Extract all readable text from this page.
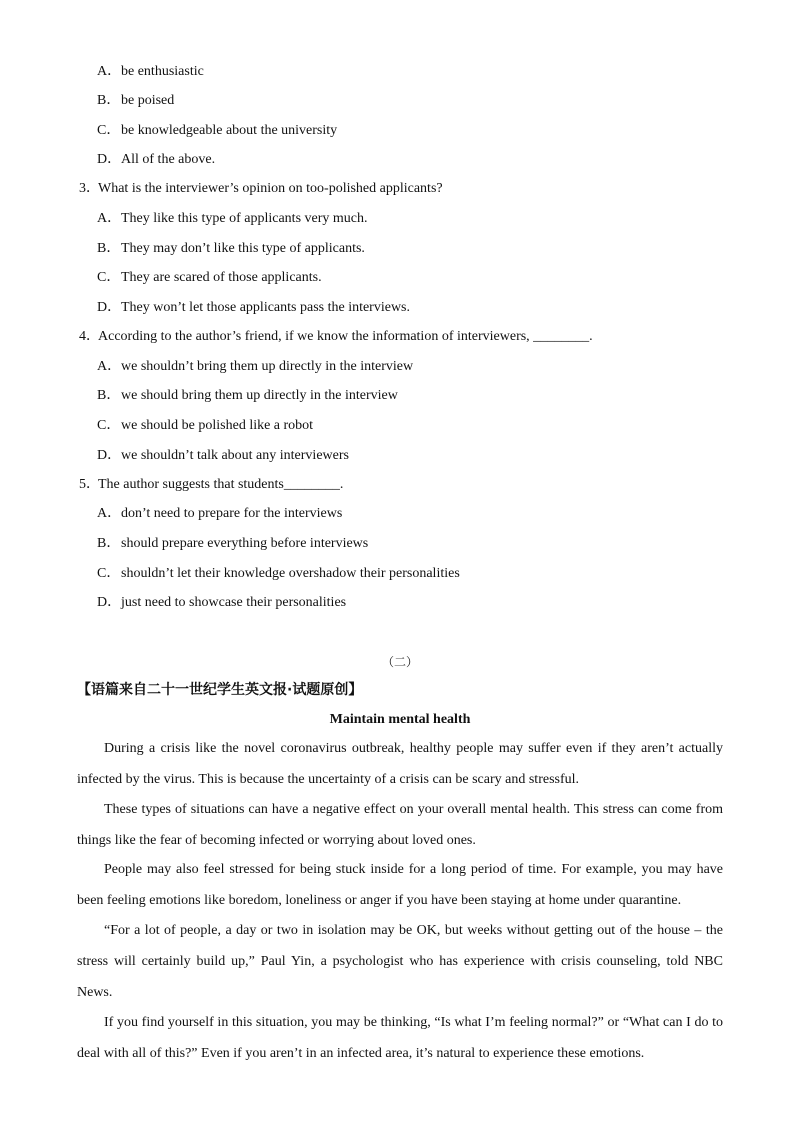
A．be enthusiastic
B．be poised
C．be knowledgeable about the university
D．All of the above.
3．What is the interviewer’s opinion on too-polished applicants?
A．They like this type of applicants very much.
B．They may don’t like this type of applicants.
C．They are scared of those applicants.
D．They won’t let those applicants pass the interviews.
4．According to the author’s friend, if we know the information of interviewers, ________.
A．we shouldn’t bring them up directly in the interview
B．we should bring them up directly in the interview
C．we should be polished like a robot
D．we shouldn’t talk about any interviewers
5．The author suggests that students________.
A．don’t need to prepare for the interviews
B．should prepare everything before interviews
C．shouldn’t let their knowledge overshadow their personalities
D．just need to showcase their personalities
（二）
【语篇来自二十一世纪学生英文报·试题原创】
Maintain mental health

During a crisis like the novel coronavirus outbreak, healthy people may suffer even if they aren’t actually infected by the virus. This is because the uncertainty of a crisis can be scary and stressful.

These types of situations can have a negative effect on your overall mental health. This stress can come from things like the fear of becoming infected or worrying about loved ones.

People may also feel stressed for being stuck inside for a long period of time. For example, you may have been feeling emotions like boredom, loneliness or anger if you have been staying at home under quarantine.

“For a lot of people, a day or two in isolation may be OK, but weeks without getting out of the house – the stress will certainly build up,” Paul Yin, a psychologist who has experience with crisis counseling, told NBC News.

If you find yourself in this situation, you may be thinking, “Is what I’m feeling normal?” or “What can I do to deal with all of this?” Even if you aren’t in an infected area, it’s natural to experience these emotions.
